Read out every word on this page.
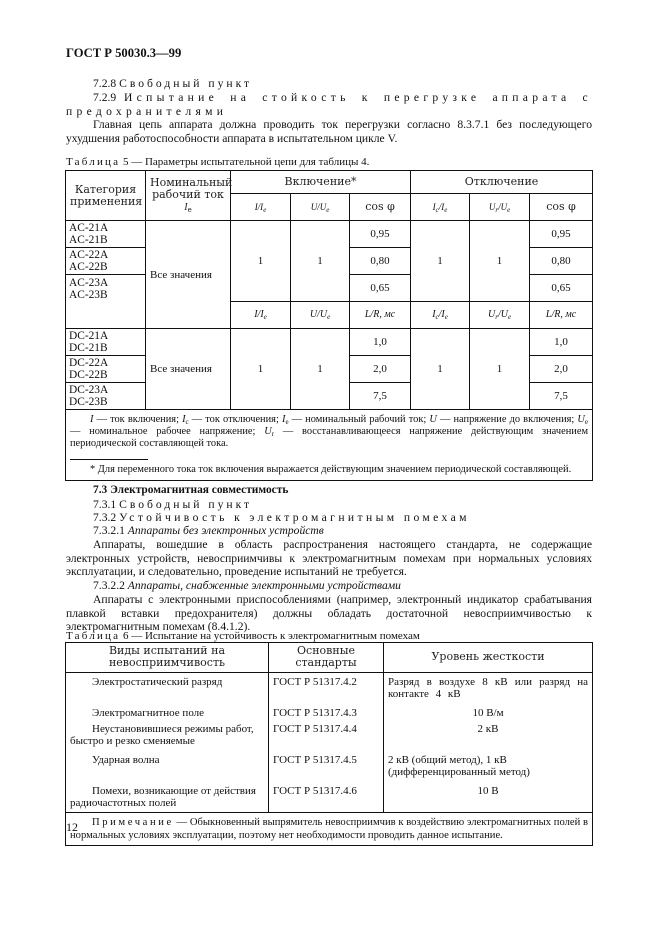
ГОСТ Р 50030.3—99
7.2.8 Свободный пункт
7.2.9 Испытание на стойкость к перегрузке аппарата с предохранителями
Главная цепь аппарата должна проводить ток перегрузки согласно 8.3.7.1 без последующего ухудшения работоспособности аппарата в испытательном цикле V.
Таблица 5 — Параметры испытательной цепи для таблицы 4.
Категория применения	Номинальный рабочий ток $I_e$	Включение*			Отключение		
		$I/I_e$	$U/U_e$	cos φ	$I_c/I_e$	$U_r/U_e$	cos φ
AC-21A
AC-21B	Все значения	1	1	0,95	1	1	0,95
AC-22A
AC-22B				0,80			0,80
AC-23A
AC-23B				0,65			0,65
		$I/I_e$	$U/U_e$	L/R, мс	$I_c/I_e$	$U_r/U_e$	L/R, мс
DC-21A
DC-21B	Все значения	1	1	1,0	1	1	1,0
DC-22A
DC-22B				2,0			2,0
DC-23A
DC-23B				7,5			7,5

I — ток включения; $I_c$ — ток отключения; $I_e$ — номинальный рабочий ток; U — напряжение до включения; $U_e$ — номинальное рабочее напряжение; $U_r$ — восстанавливающееся напряжение действующим значением периодической составляющей тока.

* Для переменного тока ток включения выражается действующим значением периодической составляющей.							

7.3 Электромагнитная совместимость
7.3.1 Свободный пункт
7.3.2 Устойчивость к электромагнитным помехам
7.3.2.1 Аппараты без электронных устройств
Аппараты, вошедшие в область распространения настоящего стандарта, не содержащие электронных устройств, невосприимчивы к электромагнитным помехам при нормальных условиях эксплуатации, и следовательно, проведение испытаний не требуется.
7.3.2.2 Аппараты, снабженные электронными устройствами
Аппараты с электронными приспособлениями (например, электронный индикатор срабатывания плавкой вставки предохранителя) должны обладать достаточной невосприимчивостью к электромагнитным помехам (8.4.1.2).
Таблица 6 — Испытание на устойчивость к электромагнитным помехам
Виды испытаний на невосприимчивость	Основные стандарты	Уровень жесткости
Электростатический разряд	ГОСТ Р 51317.4.2	Разряд в воздухе 8 кВ или разряд на контакте 4 кВ
Электромагнитное поле	ГОСТ Р 51317.4.3	10 В/м
Неустановившиеся режимы работ, быстро и резко сменяемые	ГОСТ Р 51317.4.4	2 кВ
Ударная волна	ГОСТ Р 51317.4.5	2 кВ (общий метод), 1 кВ (дифференцированный метод)
Помехи, возникающие от действия радиочастотных полей	ГОСТ Р 51317.4.6	10 В
Примечание — Обыкновенный выпрямитель невосприимчив к воздействию электромагнитных полей в нормальных условиях эксплуатации, поэтому нет необходимости проводить данное испытание.		
12
